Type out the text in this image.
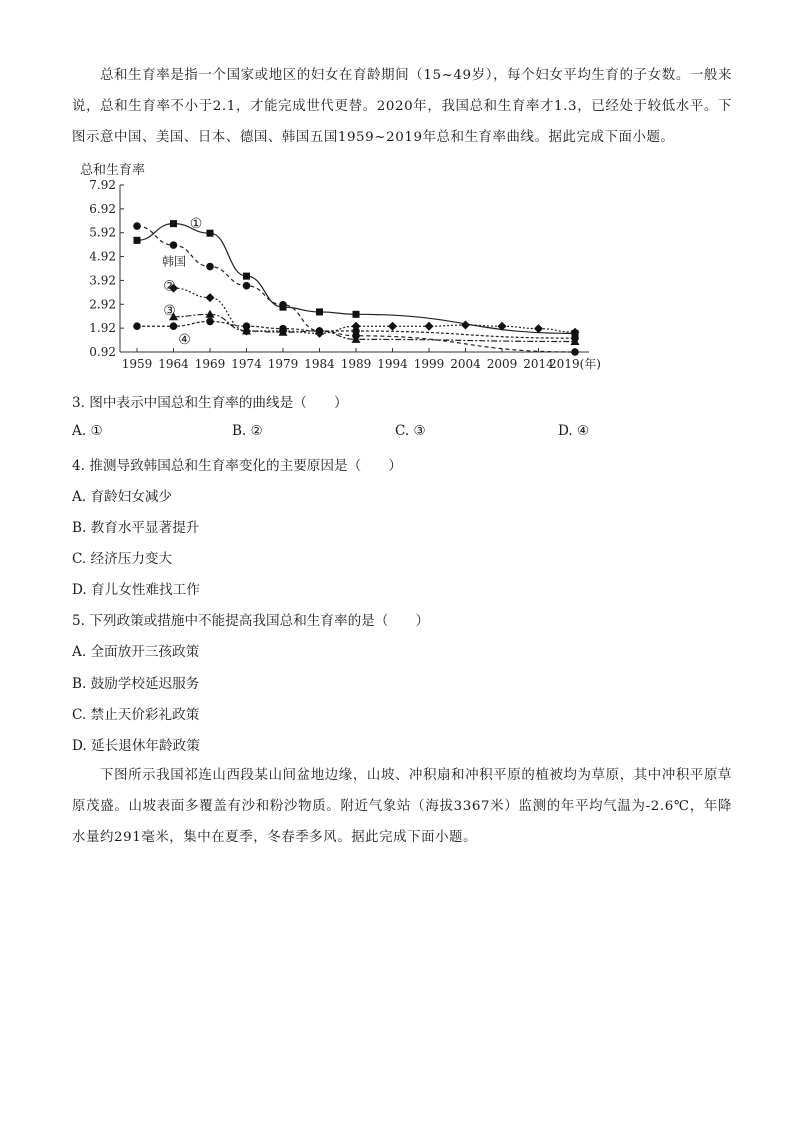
总和生育率是指一个国家或地区的妇女在育龄期间（15~49岁），每个妇女平均生育的子女数。一般来说，总和生育率不小于2.1，才能完成世代更替。2020年，我国总和生育率才1.3，已经处于较低水平。下图示意中国、美国、日本、德国、韩国五国1959~2019年总和生育率曲线。据此完成下面小题。
总和生育率
7.92
6.92
5.92
4.92
3.92
2.92
1.92
0.92
1959 1964 1969 1974 1979 1984 1989 1994 1999 2004 2009 2014
2019(年)
①
韩国
②
③
④
3. 图中表示中国总和生育率的曲线是（　　）
A. ①	B. ②	C. ③	D. ④
4. 推测导致韩国总和生育率变化的主要原因是（　　）
A. 育龄妇女减少
B. 教育水平显著提升
C. 经济压力变大
D. 育儿女性难找工作
5. 下列政策或措施中不能提高我国总和生育率的是（　　）
A. 全面放开三孩政策
B. 鼓励学校延迟服务
C. 禁止天价彩礼政策
D. 延长退休年龄政策
下图所示我国祁连山西段某山间盆地边缘，山坡、冲积扇和冲积平原的植被均为草原，其中冲积平原草原茂盛。山坡表面多覆盖有沙和粉沙物质。附近气象站（海拔3367米）监测的年平均气温为-2.6℃，年降水量约291毫米，集中在夏季，冬春季多风。据此完成下面小题。
